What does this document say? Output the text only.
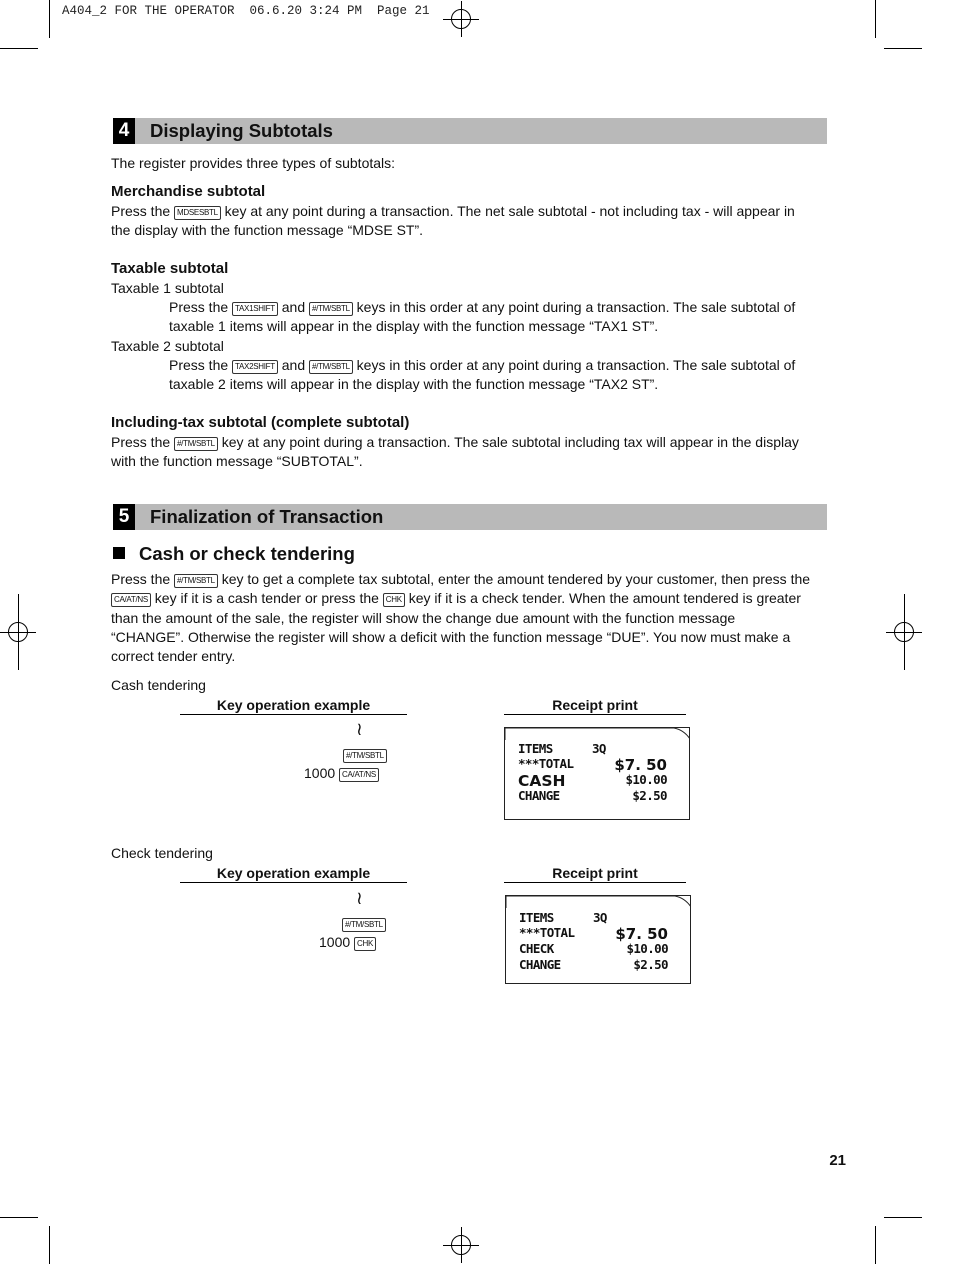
A404_2 FOR THE OPERATOR  06.6.20 3:24 PM  Page 21
4	Displaying Subtotals
The register provides three types of subtotals:
Merchandise subtotal
Press the MDSESBTL key at any point during a transaction. The net sale subtotal - not including tax - will appear in
the display with the function message “MDSE ST”.
Taxable subtotal
Taxable 1 subtotal
Press the TAX1SHIFT and #/TM/SBTL keys in this order at any point during a transaction. The sale subtotal of
taxable 1 items will appear in the display with the function message “TAX1 ST”.
Taxable 2 subtotal
Press the TAX2SHIFT and #/TM/SBTL keys in this order at any point during a transaction. The sale subtotal of
taxable 2 items will appear in the display with the function message “TAX2 ST”.
Including-tax subtotal (complete subtotal)
Press the #/TM/SBTL key at any point during a transaction. The sale subtotal including tax will appear in the display
with the function message “SUBTOTAL”.
5	Finalization of Transaction
Cash or check tendering
Press the #/TM/SBTL key to get a complete tax subtotal, enter the amount tendered by your customer, then press the
CA/AT/NS key if it is a cash tender or press the CHK key if it is a check tender. When the amount tendered is greater
than the amount of the sale, the register will show the change due amount with the function message
“CHANGE”. Otherwise the register will show a deficit with the function message “DUE”. You now must make a
correct tender entry.
Cash tendering
Key operation example	Receipt print
≀
#/TM/SBTL
1000 CA/AT/NS
ITEMS	3Q
***TOTAL	$7. 50
CASH	$10.00
CHANGE	$2.50
Check tendering
Key operation example	Receipt print
≀
#/TM/SBTL
1000 CHK
ITEMS	3Q
***TOTAL	$7. 50
CHECK	$10.00
CHANGE	$2.50
21
